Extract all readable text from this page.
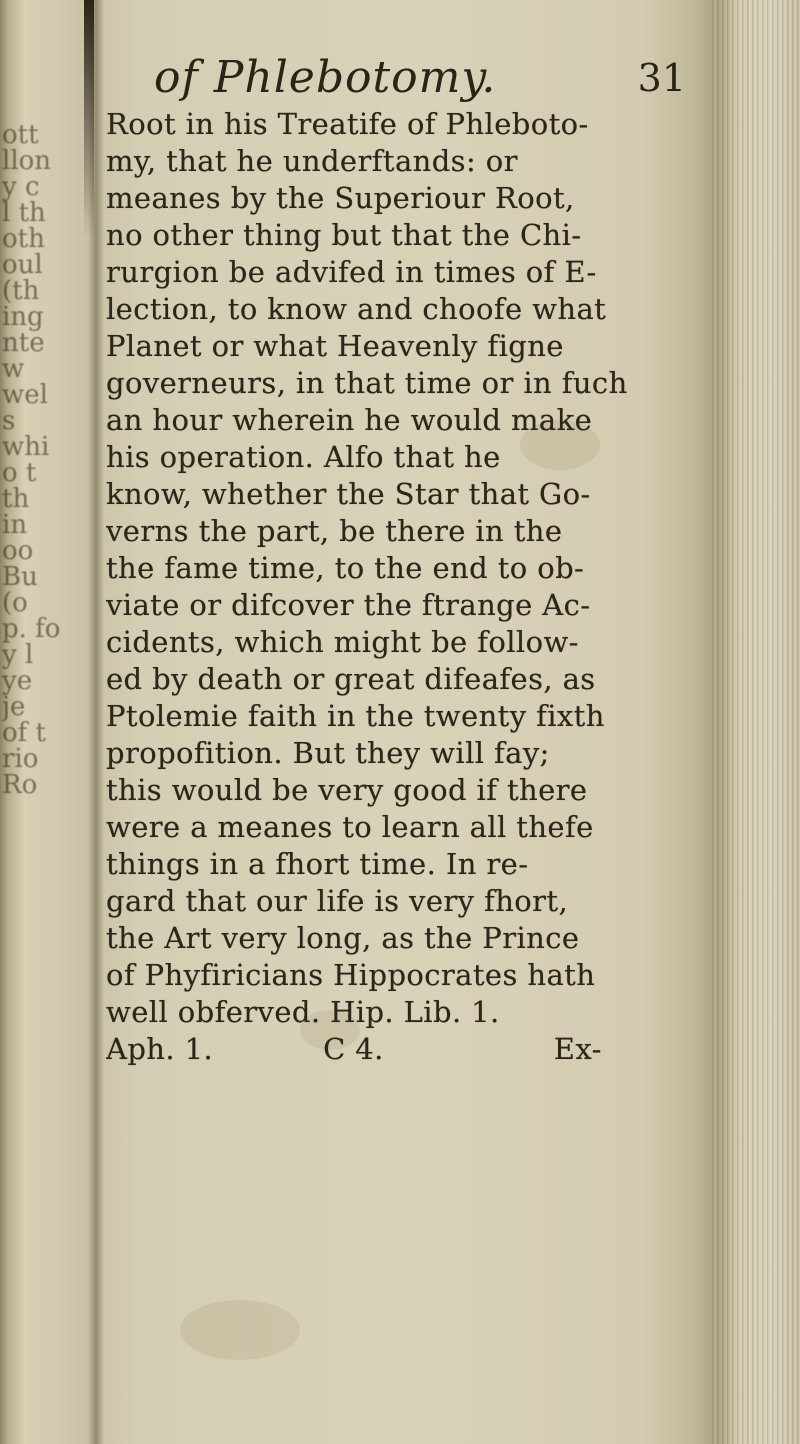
ott
llon
y c
l th
oth
oul
(th
ing
nte
w
wel
s
whi
o t
th
in
oo
Bu
(o
p. fo
y l
ye
je
of t
rio
Ro
of Phlebotomy.	31
Root in his Treatife of Phleboto-
my, that he underftands: or
meanes by the Superiour Root,
no other thing but that the Chi-
rurgion be advifed in times of E-
lection, to know and choofe what
Planet or what Heavenly figne
governeurs, in that time or in fuch
an hour wherein he would make
his operation. Alfo that he
know, whether the Star that Go-
verns the part, be there in the
the fame time, to the end to ob-
viate or difcover the ftrange Ac-
cidents, which might be follow-
ed by death or great difeafes, as
Ptolemie faith in the twenty fixth
propofition. But they will fay;
this would be very good if there
were a meanes to learn all thefe
things in a fhort time. In re-
gard that our life is very fhort,
the Art very long, as the Prince
of Phyfiricians Hippocrates hath
well obferved. Hip. Lib. 1.
Aph. 1.	C 4.	Ex-
